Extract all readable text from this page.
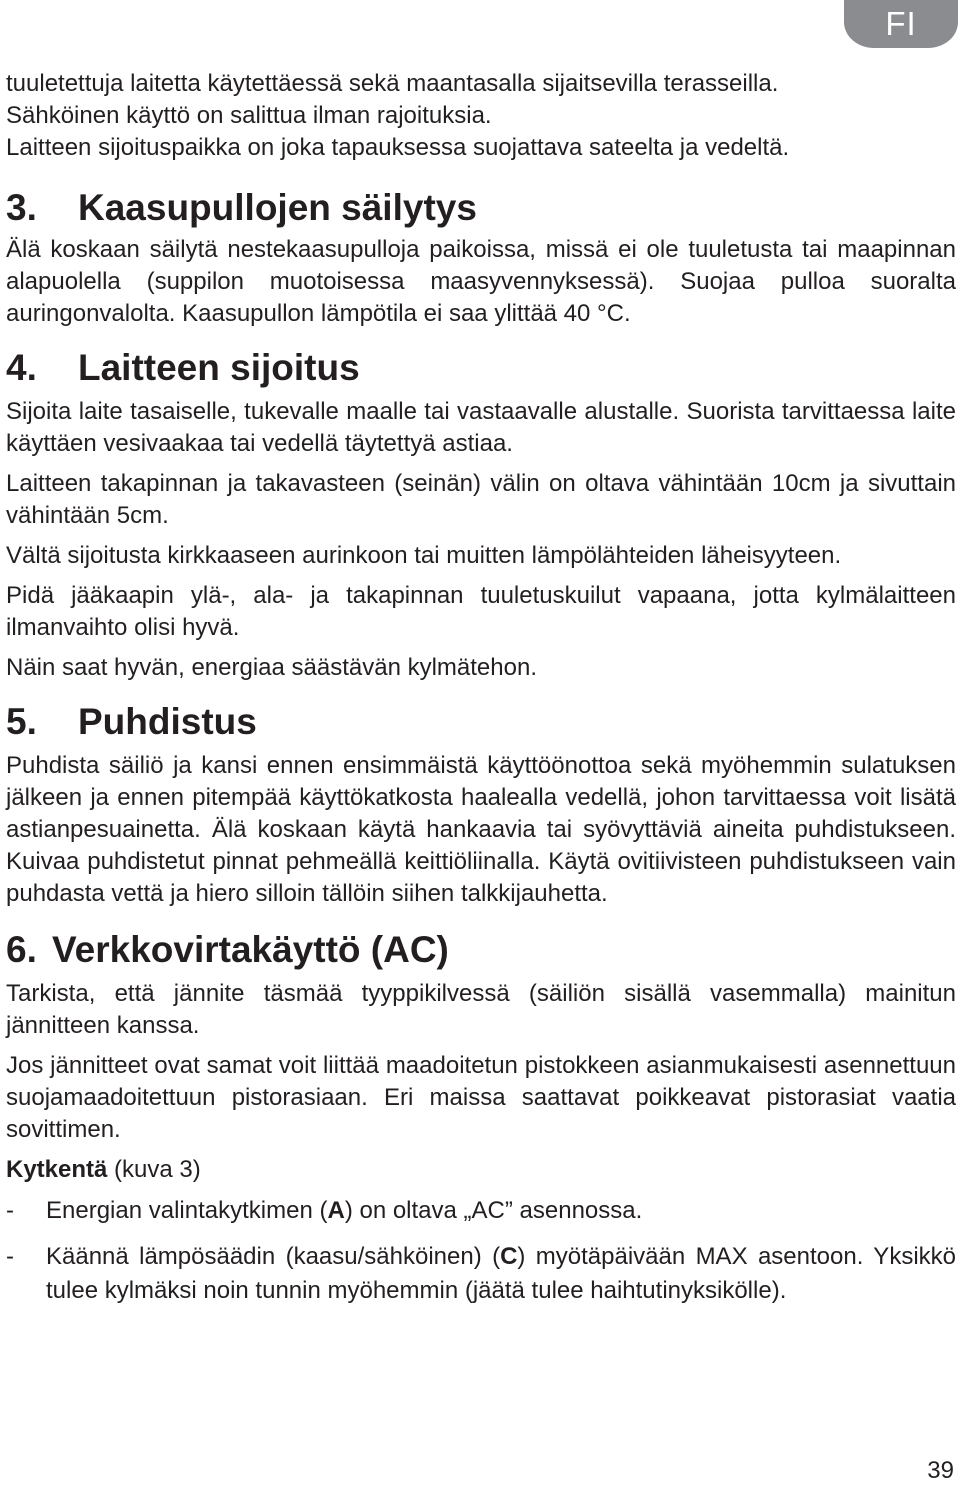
FI

tuuletettuja laitetta käytettäessä sekä maantasalla sijaitsevilla terasseilla.

Sähköinen käyttö on salittua ilman rajoituksia.

Laitteen sijoituspaikka on joka tapauksessa suojattava sateelta ja vedeltä.

3.	Kaasupullojen säilytys

Älä koskaan säilytä nestekaasupulloja paikoissa, missä ei ole tuuletusta tai maapinnan alapuolella (suppilon muotoisessa maasyvennyksessä). Suojaa pulloa suoralta auringonvalolta. Kaasupullon lämpötila ei saa ylittää 40 °C.

4.	Laitteen sijoitus

Sijoita laite tasaiselle, tukevalle maalle tai vastaavalle alustalle. Suorista tarvittaessa laite käyttäen vesivaakaa tai vedellä täytettyä astiaa.

Laitteen takapinnan ja takavasteen (seinän) välin on oltava vähintään 10cm ja sivuttain vähintään 5cm.

Vältä sijoitusta kirkkaaseen aurinkoon tai muitten lämpölähteiden läheisyyteen.

Pidä jääkaapin ylä-, ala- ja takapinnan tuuletuskuilut vapaana, jotta kylmälaitteen ilmanvaihto olisi hyvä.

Näin saat hyvän, energiaa säästävän kylmätehon.

5.	Puhdistus

Puhdista säiliö ja kansi ennen ensimmäistä käyttöönottoa sekä myöhemmin sulatuksen jälkeen ja ennen pitempää käyttökatkosta haalealla vedellä, johon tarvittaessa voit lisätä astianpesuainetta. Älä koskaan käytä hankaavia tai syövyttäviä aineita puhdistukseen. Kuivaa puhdistetut pinnat pehmeällä keittiöliinalla. Käytä ovitiivisteen puhdistukseen vain puhdasta vettä ja hiero silloin tällöin siihen talkkijauhetta.

6. Verkkovirtakäyttö (AC)

Tarkista, että jännite täsmää tyyppikilvessä (säiliön sisällä vasemmalla) mainitun jännitteen kanssa.

Jos jännitteet ovat samat voit liittää maadoitetun pistokkeen asianmukaisesti asennettuun suojamaadoitettuun pistorasiaan. Eri maissa saattavat poikkeavat pistorasiat vaatia sovittimen.

Kytkentä (kuva 3)

-	Energian valintakytkimen (A) on oltava „AC” asennossa.
-	Käännä lämpösäädin (kaasu/sähköinen) (C) myötäpäivään MAX asentoon. Yksikkö tulee kylmäksi noin tunnin myöhemmin (jäätä tulee haihtutinyksikölle).
39
